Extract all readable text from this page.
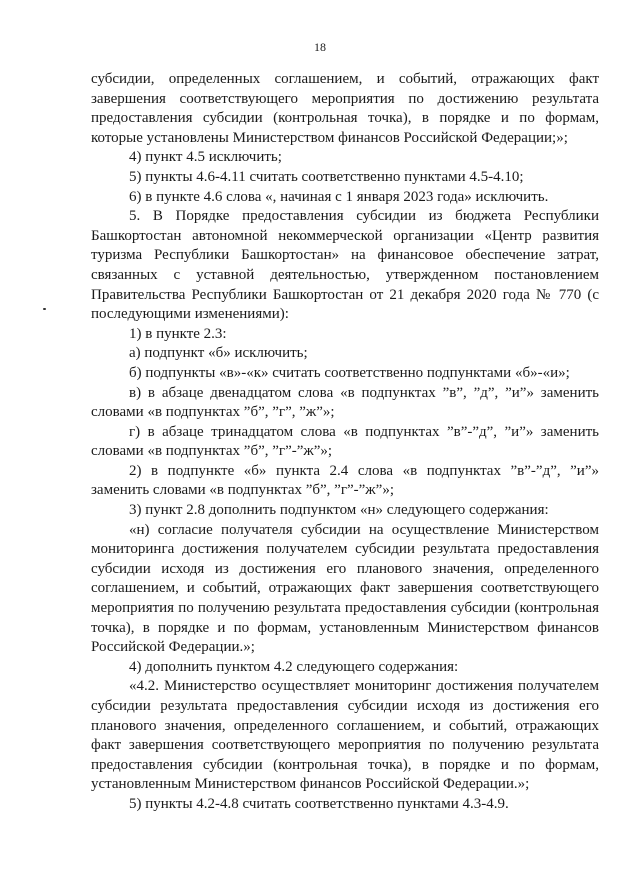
18

субсидии, определенных соглашением, и событий, отражающих факт завершения соответствующего мероприятия по достижению результата предоставления субсидии (контрольная точка), в порядке и по формам, которые установлены Министерством финансов Российской Федерации;»;

4) пункт 4.5 исключить;

5) пункты 4.6-4.11 считать соответственно пунктами 4.5-4.10;

6) в пункте 4.6 слова «, начиная с 1 января 2023 года» исключить.

5. В Порядке предоставления субсидии из бюджета Республики Башкортостан автономной некоммерческой организации «Центр развития туризма Республики Башкортостан» на финансовое обеспечение затрат, связанных с уставной деятельностью, утвержденном постановлением Правительства Республики Башкортостан от 21 декабря 2020 года № 770 (с последующими изменениями):

1) в пункте 2.3:

а) подпункт «б» исключить;

б) подпункты «в»-«к» считать соответственно подпунктами «б»-«и»;

в) в абзаце двенадцатом слова «в подпунктах ”в”, ”д”, ”и”» заменить словами «в подпунктах ”б”, ”г”, ”ж”»;

г) в абзаце тринадцатом слова «в подпунктах ”в”-”д”, ”и”» заменить словами «в подпунктах ”б”, ”г”-”ж”»;

2) в подпункте «б» пункта 2.4 слова «в подпунктах ”в”-”д”, ”и”» заменить словами «в подпунктах ”б”, ”г”-”ж”»;

3) пункт 2.8 дополнить подпунктом «н» следующего содержания:

«н) согласие получателя субсидии на осуществление Министерством мониторинга достижения получателем субсидии результата предоставления субсидии исходя из достижения его планового значения, определенного соглашением, и событий, отражающих факт завершения соответствующего мероприятия по получению результата предоставления субсидии (контрольная точка), в порядке и по формам, установленным Министерством финансов Российской Федерации.»;

4) дополнить пунктом 4.2 следующего содержания:

«4.2. Министерство осуществляет мониторинг достижения получателем субсидии результата предоставления субсидии исходя из достижения его планового значения, определенного соглашением, и событий, отражающих факт завершения соответствующего мероприятия по получению результата предоставления субсидии (контрольная точка), в порядке и по формам, установленным Министерством финансов Российской Федерации.»;

5) пункты 4.2-4.8 считать соответственно пунктами 4.3-4.9.
